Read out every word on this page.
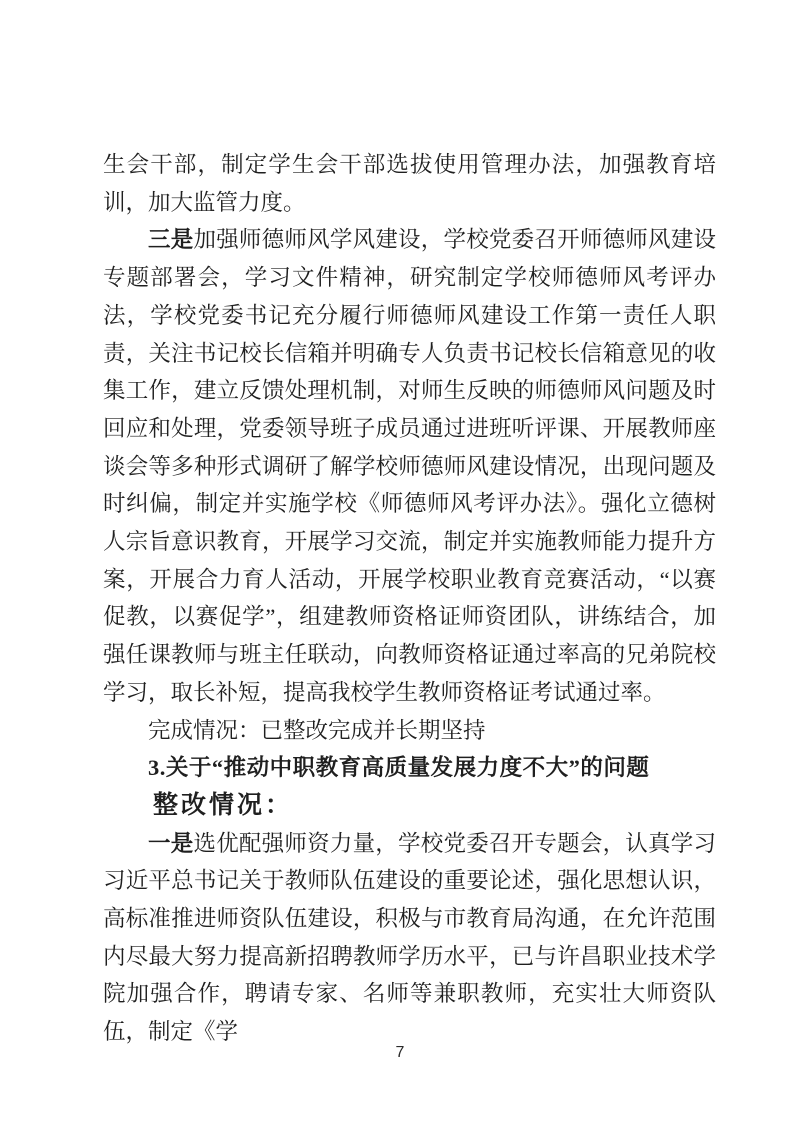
生会干部，制定学生会干部选拔使用管理办法，加强教育培训，加大监管力度。

三是加强师德师风学风建设，学校党委召开师德师风建设专题部署会，学习文件精神，研究制定学校师德师风考评办法，学校党委书记充分履行师德师风建设工作第一责任人职责，关注书记校长信箱并明确专人负责书记校长信箱意见的收集工作，建立反馈处理机制，对师生反映的师德师风问题及时回应和处理，党委领导班子成员通过进班听评课、开展教师座谈会等多种形式调研了解学校师德师风建设情况，出现问题及时纠偏，制定并实施学校《师德师风考评办法》。强化立德树人宗旨意识教育，开展学习交流，制定并实施教师能力提升方案，开展合力育人活动，开展学校职业教育竞赛活动，“以赛促教，以赛促学”，组建教师资格证师资团队，讲练结合，加强任课教师与班主任联动，向教师资格证通过率高的兄弟院校学习，取长补短，提高我校学生教师资格证考试通过率。

完成情况：已整改完成并长期坚持

3.关于“推动中职教育高质量发展力度不大”的问题

整改情况：

一是选优配强师资力量，学校党委召开专题会，认真学习习近平总书记关于教师队伍建设的重要论述，强化思想认识，高标准推进师资队伍建设，积极与市教育局沟通，在允许范围内尽最大努力提高新招聘教师学历水平，已与许昌职业技术学院加强合作，聘请专家、名师等兼职教师，充实壮大师资队伍，制定《学

7
